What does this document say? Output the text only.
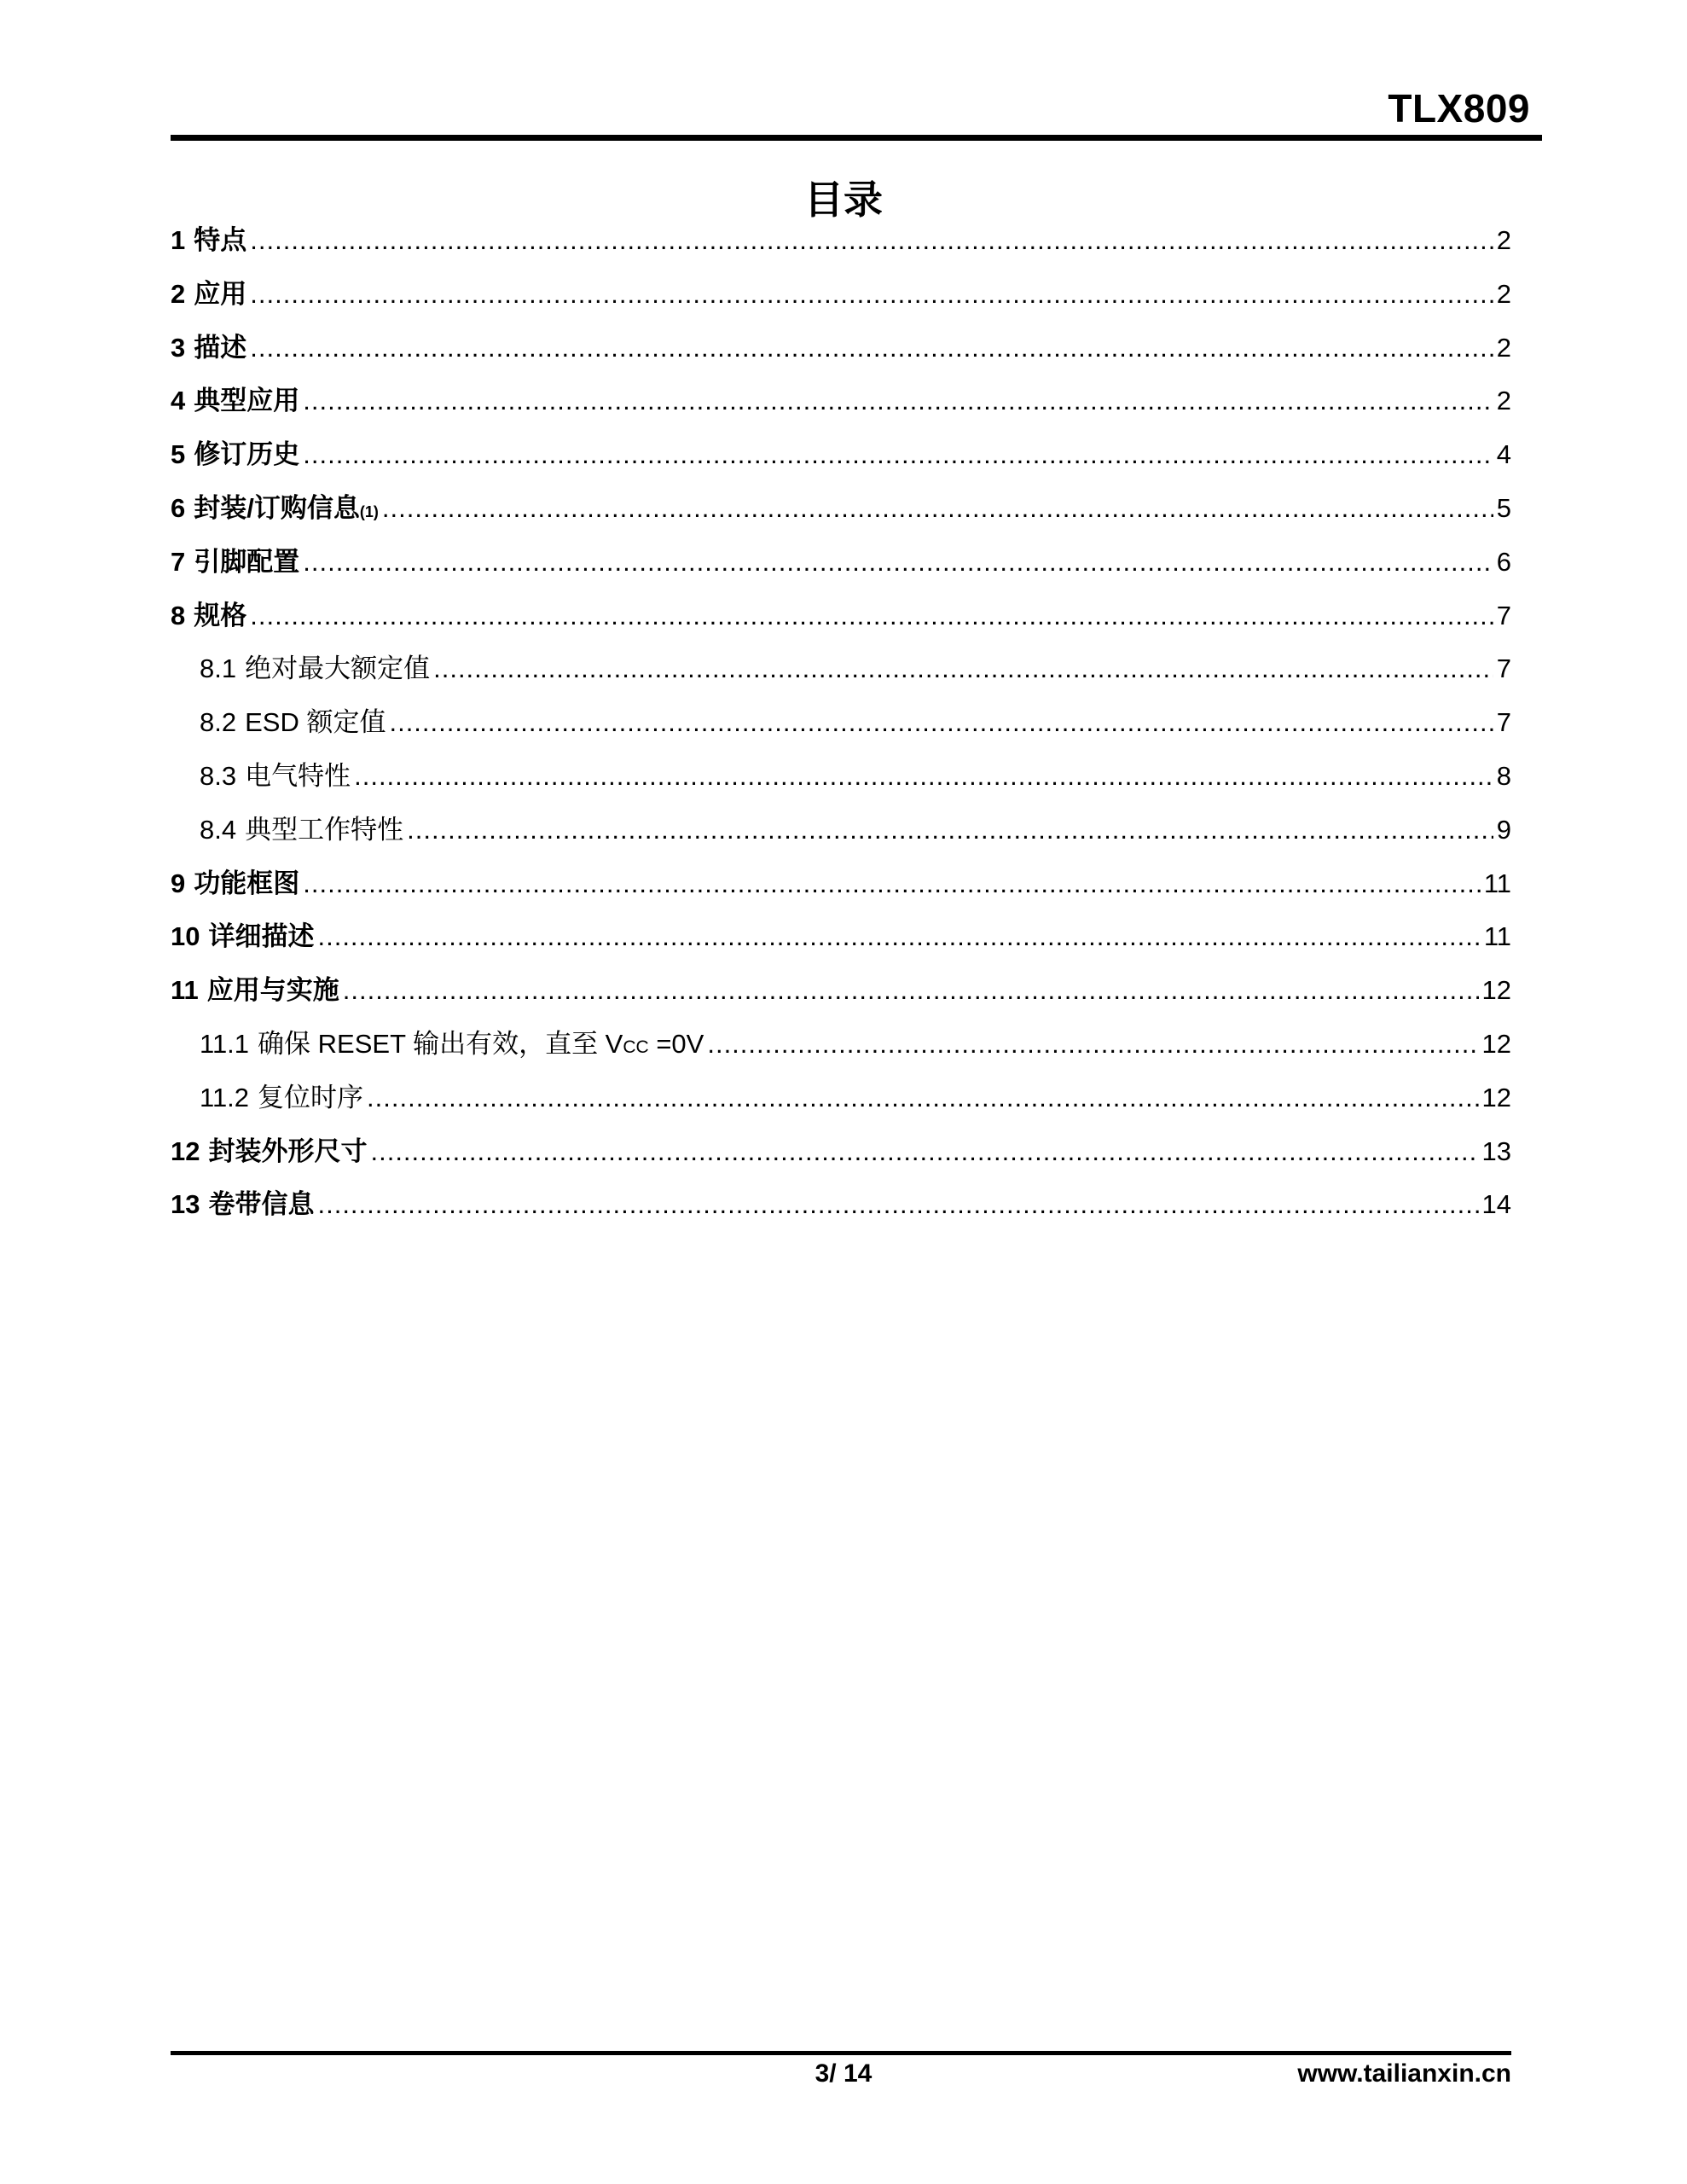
TLX809
目录
1 特点 .....	2
2 应用 .....	2
3 描述 .....	2
4 典型应用 .....	2
5 修订历史 .....	4
6 封装/订购信息 (1) .....	5
7 引脚配置 .....	6
8 规格 .....	7
8.1 绝对最大额定值 .....	7
8.2 ESD 额定值 .....	7
8.3 电气特性 .....	8
8.4 典型工作特性 .....	9
9 功能框图 .....	11
10 详细描述 .....	11
11 应用与实施 .....	12
11.1 确保 RESET 输出有效，直至 $V_{CC} =0V$ .....	12
11.2 复位时序 .....	12
12 封装外形尺寸 .....	13
13 卷带信息 .....	14
3/ 14	www.tailianxin.cn
